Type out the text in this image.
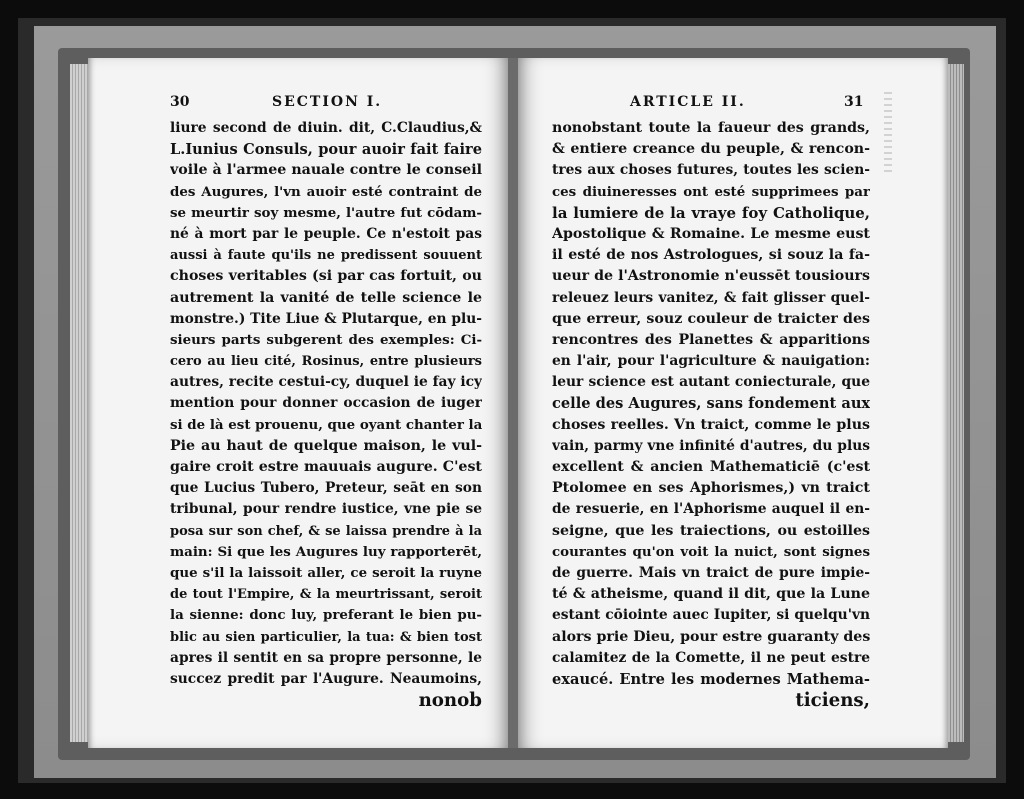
30	SECTION I.	ARTICLE II.	31
liure second de diuin. dit, C.Claudius,&
L.Iunius Consuls, pour auoir fait faire
voile à l'armee nauale contre le conseil
des Augures, l'vn auoir esté contraint de
se meurtir soy mesme, l'autre fut cōdam-
né à mort par le peuple. Ce n'estoit pas
aussi à faute qu'ils ne predissent souuent
choses veritables (si par cas fortuit, ou
autrement la vanité de telle science le
monstre.) Tite Liue & Plutarque, en plu-
sieurs parts subgerent des exemples: Ci-
cero au lieu cité, Rosinus, entre plusieurs
autres, recite cestui-cy, duquel ie fay icy
mention pour donner occasion de iuger
si de là est prouenu, que oyant chanter la
Pie au haut de quelque maison, le vul-
gaire croit estre mauuais augure. C'est
que Lucius Tubero, Preteur, seāt en son
tribunal, pour rendre iustice, vne pie se
posa sur son chef, & se laissa prendre à la
main: Si que les Augures luy rapporterēt,
que s'il la laissoit aller, ce seroit la ruyne
de tout l'Empire, & la meurtrissant, seroit
la sienne: donc luy, preferant le bien pu-
blic au sien particulier, la tua: & bien tost
apres il sentit en sa propre personne, le
succez predit par l'Augure. Neaumoins,
nonob
nonobstant toute la faueur des grands,
& entiere creance du peuple, & rencon-
tres aux choses futures, toutes les scien-
ces diuineresses ont esté supprimees par
la lumiere de la vraye foy Catholique,
Apostolique & Romaine. Le mesme eust
il esté de nos Astrologues, si souz la fa-
ueur de l'Astronomie n'eussēt tousiours
releuez leurs vanitez, & fait glisser quel-
que erreur, souz couleur de traicter des
rencontres des Planettes & apparitions
en l'air, pour l'agriculture & nauigation:
leur science est autant coniecturale, que
celle des Augures, sans fondement aux
choses reelles. Vn traict, comme le plus
vain, parmy vne infinité d'autres, du plus
excellent & ancien Mathematiciē (c'est
Ptolomee en ses Aphorismes,) vn traict
de resuerie, en l'Aphorisme auquel il en-
seigne, que les traiections, ou estoilles
courantes qu'on voit la nuict, sont signes
de guerre. Mais vn traict de pure impie-
té & atheisme, quand il dit, que la Lune
estant cōiointe auec Iupiter, si quelqu'vn
alors prie Dieu, pour estre guaranty des
calamitez de la Comette, il ne peut estre
exaucé. Entre les modernes Mathema-
ticiens,
